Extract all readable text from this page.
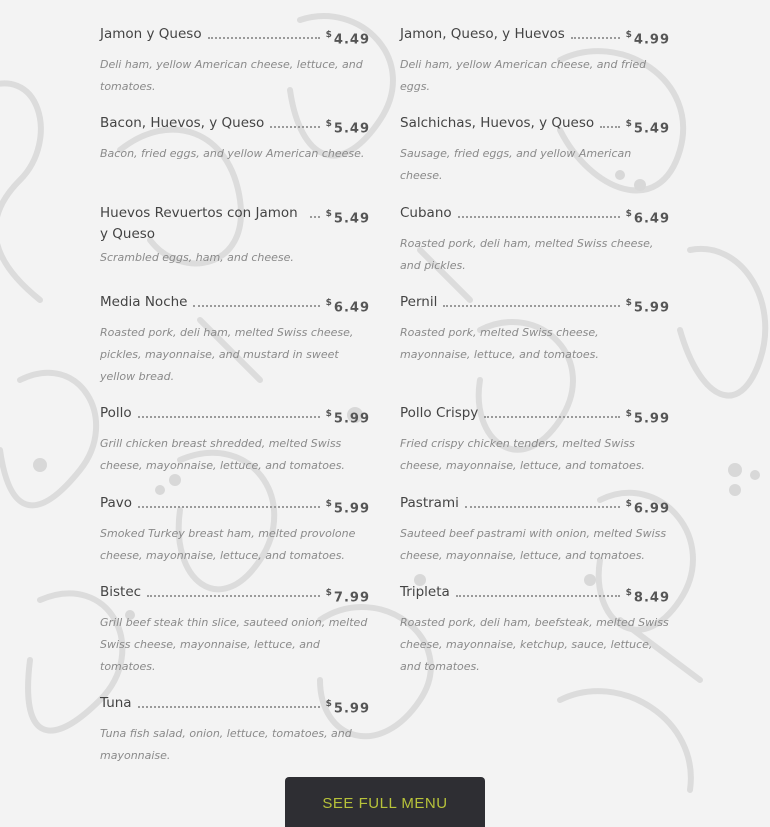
Jamon y Queso	$4.49
Deli ham, yellow American cheese, lettuce, and tomatoes.
Jamon, Queso, y Huevos	$4.99
Deli ham, yellow American cheese, and fried eggs.
Bacon, Huevos, y Queso	$5.49
Bacon, fried eggs, and yellow American cheese.
Salchichas, Huevos, y Queso	$5.49
Sausage, fried eggs, and yellow American cheese.
Huevos Revuertos con Jamon y Queso
$5.49
Scrambled eggs, ham, and cheese.
Cubano	$6.49
Roasted pork, deli ham, melted Swiss cheese, and pickles.
Media Noche	$6.49
Roasted pork, deli ham, melted Swiss cheese, pickles, mayonnaise, and mustard in sweet yellow bread.
Pernil	$5.99
Roasted pork, melted Swiss cheese, mayonnaise, lettuce, and tomatoes.
Pollo	$5.99
Grill chicken breast shredded, melted Swiss cheese, mayonnaise, lettuce, and tomatoes.
Pollo Crispy	$5.99
Fried crispy chicken tenders, melted Swiss cheese, mayonnaise, lettuce, and tomatoes.
Pavo	$5.99
Smoked Turkey breast ham, melted provolone cheese, mayonnaise, lettuce, and tomatoes.
Pastrami	$6.99
Sauteed beef pastrami with onion, melted Swiss cheese, mayonnaise, lettuce, and tomatoes.
Bistec	$7.99
Grill beef steak thin slice, sauteed onion, melted Swiss cheese, mayonnaise, lettuce, and tomatoes.
Tripleta	$8.49
Roasted pork, deli ham, beefsteak, melted Swiss cheese, mayonnaise, ketchup, sauce, lettuce, and tomatoes.
Tuna	$5.99
Tuna fish salad, onion, lettuce, tomatoes, and mayonnaise.
SEE FULL MENU
